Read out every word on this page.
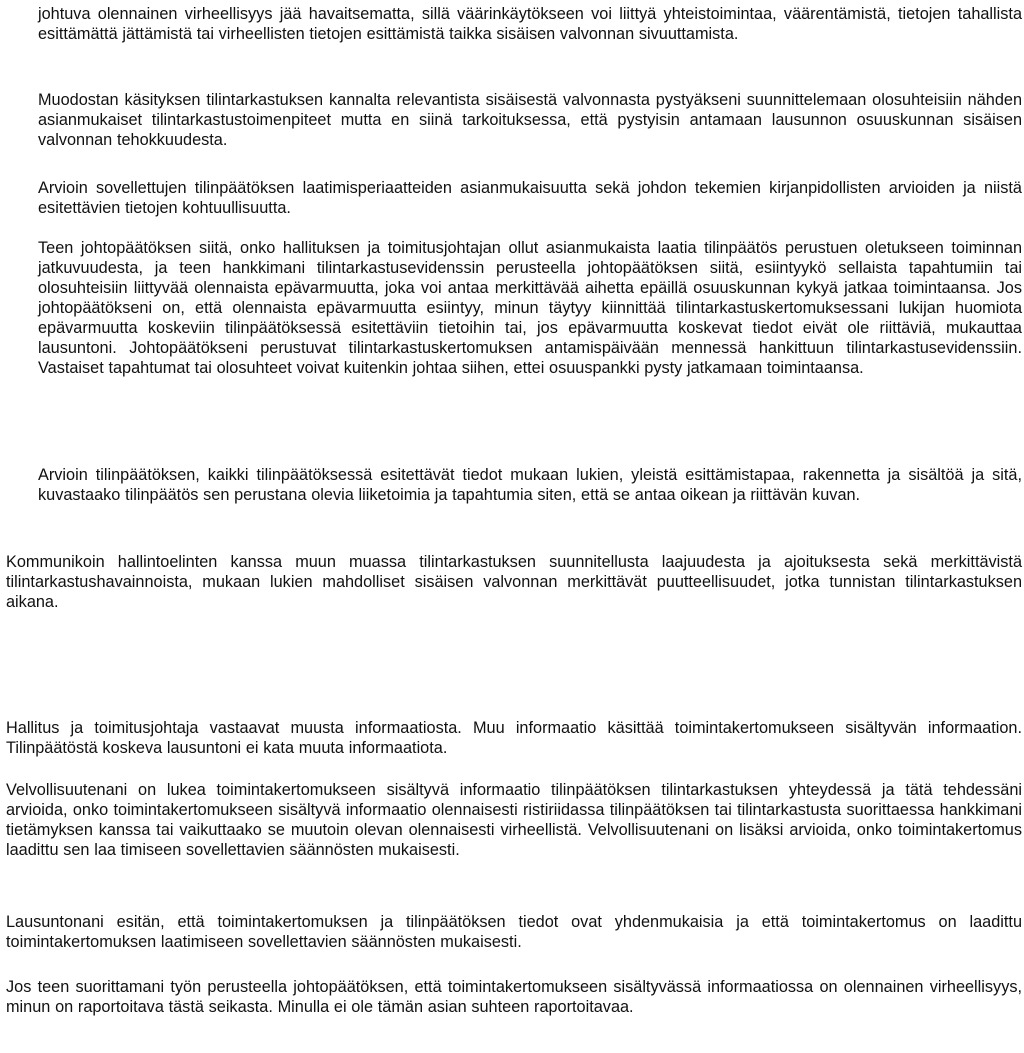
johtuva olennainen virheellisyys jää havaitsematta, sillä väärinkäytökseen voi liittyä yhteistoimintaa, väärentämistä, tietojen tahallista esittämättä jättämistä tai virheellisten tietojen esittämistä taikka sisäisen valvonnan sivuuttamista.

Muodostan käsityksen tilintarkastuksen kannalta relevantista sisäisestä valvonnasta pystyäkseni suunnittelemaan olosuhteisiin nähden asianmukaiset tilintarkastustoimenpiteet mutta en siinä tarkoituksessa, että pystyisin antamaan lausunnon osuuskunnan sisäisen valvonnan tehokkuudesta.

Arvioin sovellettujen tilinpäätöksen laatimisperiaatteiden asianmukaisuutta sekä johdon tekemien kirjanpidollisten arvioiden ja niistä esitettävien tietojen kohtuullisuutta.

Teen johtopäätöksen siitä, onko hallituksen ja toimitusjohtajan ollut asianmukaista laatia tilinpäätös perustuen oletukseen toiminnan jatkuvuudesta, ja teen hankkimani tilintarkastusevidenssin perusteella johtopäätöksen siitä, esiintyykö sellaista tapahtumiin tai olosuhteisiin liittyvää olennaista epävarmuutta, joka voi antaa merkittävää aihetta epäillä osuuskunnan kykyä jatkaa toimintaansa. Jos johtopäätökseni on, että olennaista epävarmuutta esiintyy, minun täytyy kiinnittää tilintarkastuskertomuksessani lukijan huomiota epävarmuutta koskeviin tilinpäätöksessä esitettäviin tietoihin tai, jos epävarmuutta koskevat tiedot eivät ole riittäviä, mukauttaa lausuntoni. Johtopäätökseni perustuvat tilintarkastuskertomuksen antamispäivään mennessä hankittuun tilintarkastusevidenssiin. Vastaiset tapahtumat tai olosuhteet voivat kuitenkin johtaa siihen, ettei osuuspankki pysty jatkamaan toimintaansa.

Arvioin tilinpäätöksen, kaikki tilinpäätöksessä esitettävät tiedot mukaan lukien, yleistä esittämistapaa, rakennetta ja sisältöä ja sitä, kuvastaako tilinpäätös sen perustana olevia liiketoimia ja tapahtumia siten, että se antaa oikean ja riittävän kuvan.

Kommunikoin hallintoelinten kanssa muun muassa tilintarkastuksen suunnitellusta laajuudesta ja ajoituksesta sekä merkittävistä tilintarkastushavainnoista, mukaan lukien mahdolliset sisäisen valvonnan merkittävät puutteellisuudet, jotka tunnistan tilintarkastuksen aikana.

Hallitus ja toimitusjohtaja vastaavat muusta informaatiosta. Muu informaatio käsittää toimintakertomukseen sisältyvän informaation. Tilinpäätöstä koskeva lausuntoni ei kata muuta informaatiota.

Velvollisuutenani on lukea toimintakertomukseen sisältyvä informaatio tilinpäätöksen tilintarkastuksen yhteydessä ja tätä tehdessäni arvioida, onko toimintakertomukseen sisältyvä informaatio olennaisesti ristiriidassa tilinpäätöksen tai tilintarkastusta suorittaessa hankkimani tietämyksen kanssa tai vaikuttaako se muutoin olevan olennaisesti virheellistä. Velvollisuutenani on lisäksi arvioida, onko toimintakertomus laadittu sen laa timiseen sovellettavien säännösten mukaisesti.

Lausuntonani esitän, että toimintakertomuksen ja tilinpäätöksen tiedot ovat yhdenmukaisia ja että toimintakertomus on laadittu toimintakertomuksen laatimiseen sovellettavien säännösten mukaisesti.

Jos teen suorittamani työn perusteella johtopäätöksen, että toimintakertomukseen sisältyvässä informaatiossa on olennainen virheellisyys, minun on raportoitava tästä seikasta. Minulla ei ole tämän asian suhteen raportoitavaa.
